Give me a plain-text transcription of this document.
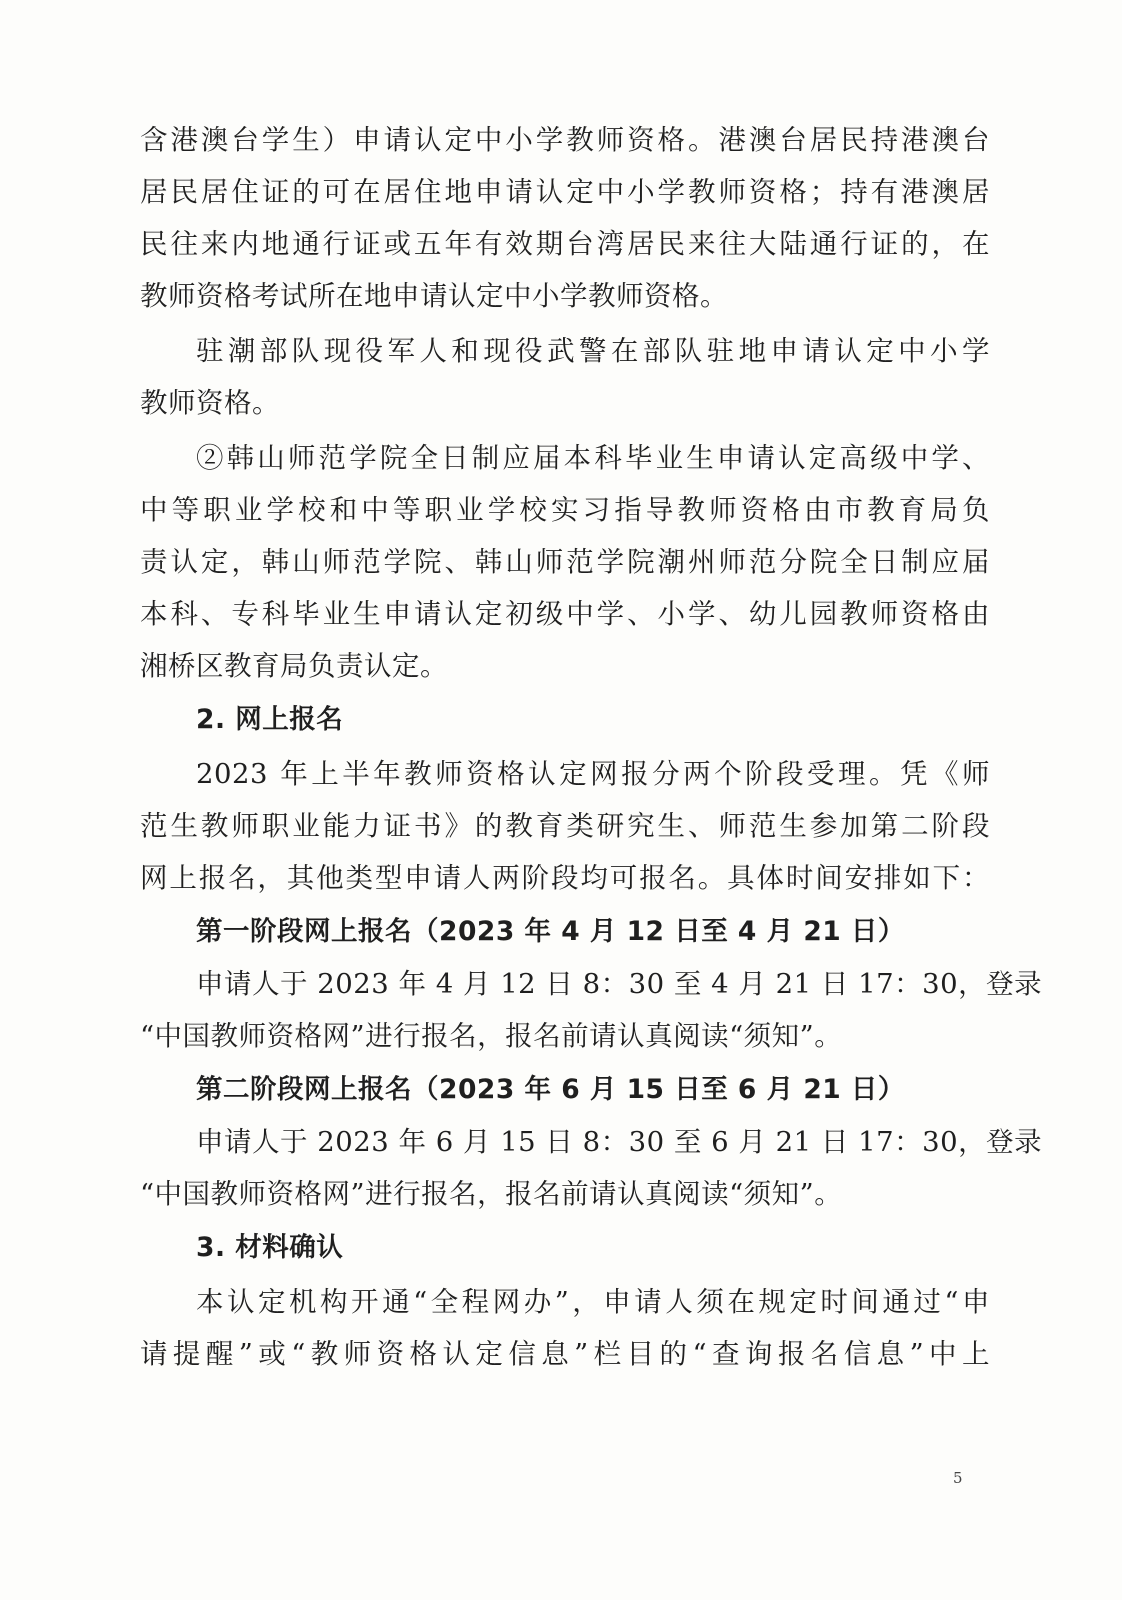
含港澳台学生）申请认定中小学教师资格。港澳台居民持港澳台
居民居住证的可在居住地申请认定中小学教师资格；持有港澳居
民往来内地通行证或五年有效期台湾居民来往大陆通行证的，在
教师资格考试所在地申请认定中小学教师资格。
驻潮部队现役军人和现役武警在部队驻地申请认定中小学
教师资格。
②韩山师范学院全日制应届本科毕业生申请认定高级中学、
中等职业学校和中等职业学校实习指导教师资格由市教育局负
责认定，韩山师范学院、韩山师范学院潮州师范分院全日制应届
本科、专科毕业生申请认定初级中学、小学、幼儿园教师资格由
湘桥区教育局负责认定。
2. 网上报名
2023 年上半年教师资格认定网报分两个阶段受理。凭《师
范生教师职业能力证书》的教育类研究生、师范生参加第二阶段
网上报名，其他类型申请人两阶段均可报名。具体时间安排如下：
第一阶段网上报名（2023 年 4 月 12 日至 4 月 21 日）
申请人于 2023 年 4 月 12 日 8：30 至 4 月 21 日 17：30，登录
“中国教师资格网”进行报名，报名前请认真阅读“须知”。
第二阶段网上报名（2023 年 6 月 15 日至 6 月 21 日）
申请人于 2023 年 6 月 15 日 8：30 至 6 月 21 日 17：30，登录
“中国教师资格网”进行报名，报名前请认真阅读“须知”。
3. 材料确认
本认定机构开通“全程网办”，申请人须在规定时间通过“申
请提醒”或“教师资格认定信息”栏目的“查询报名信息”中上
5
